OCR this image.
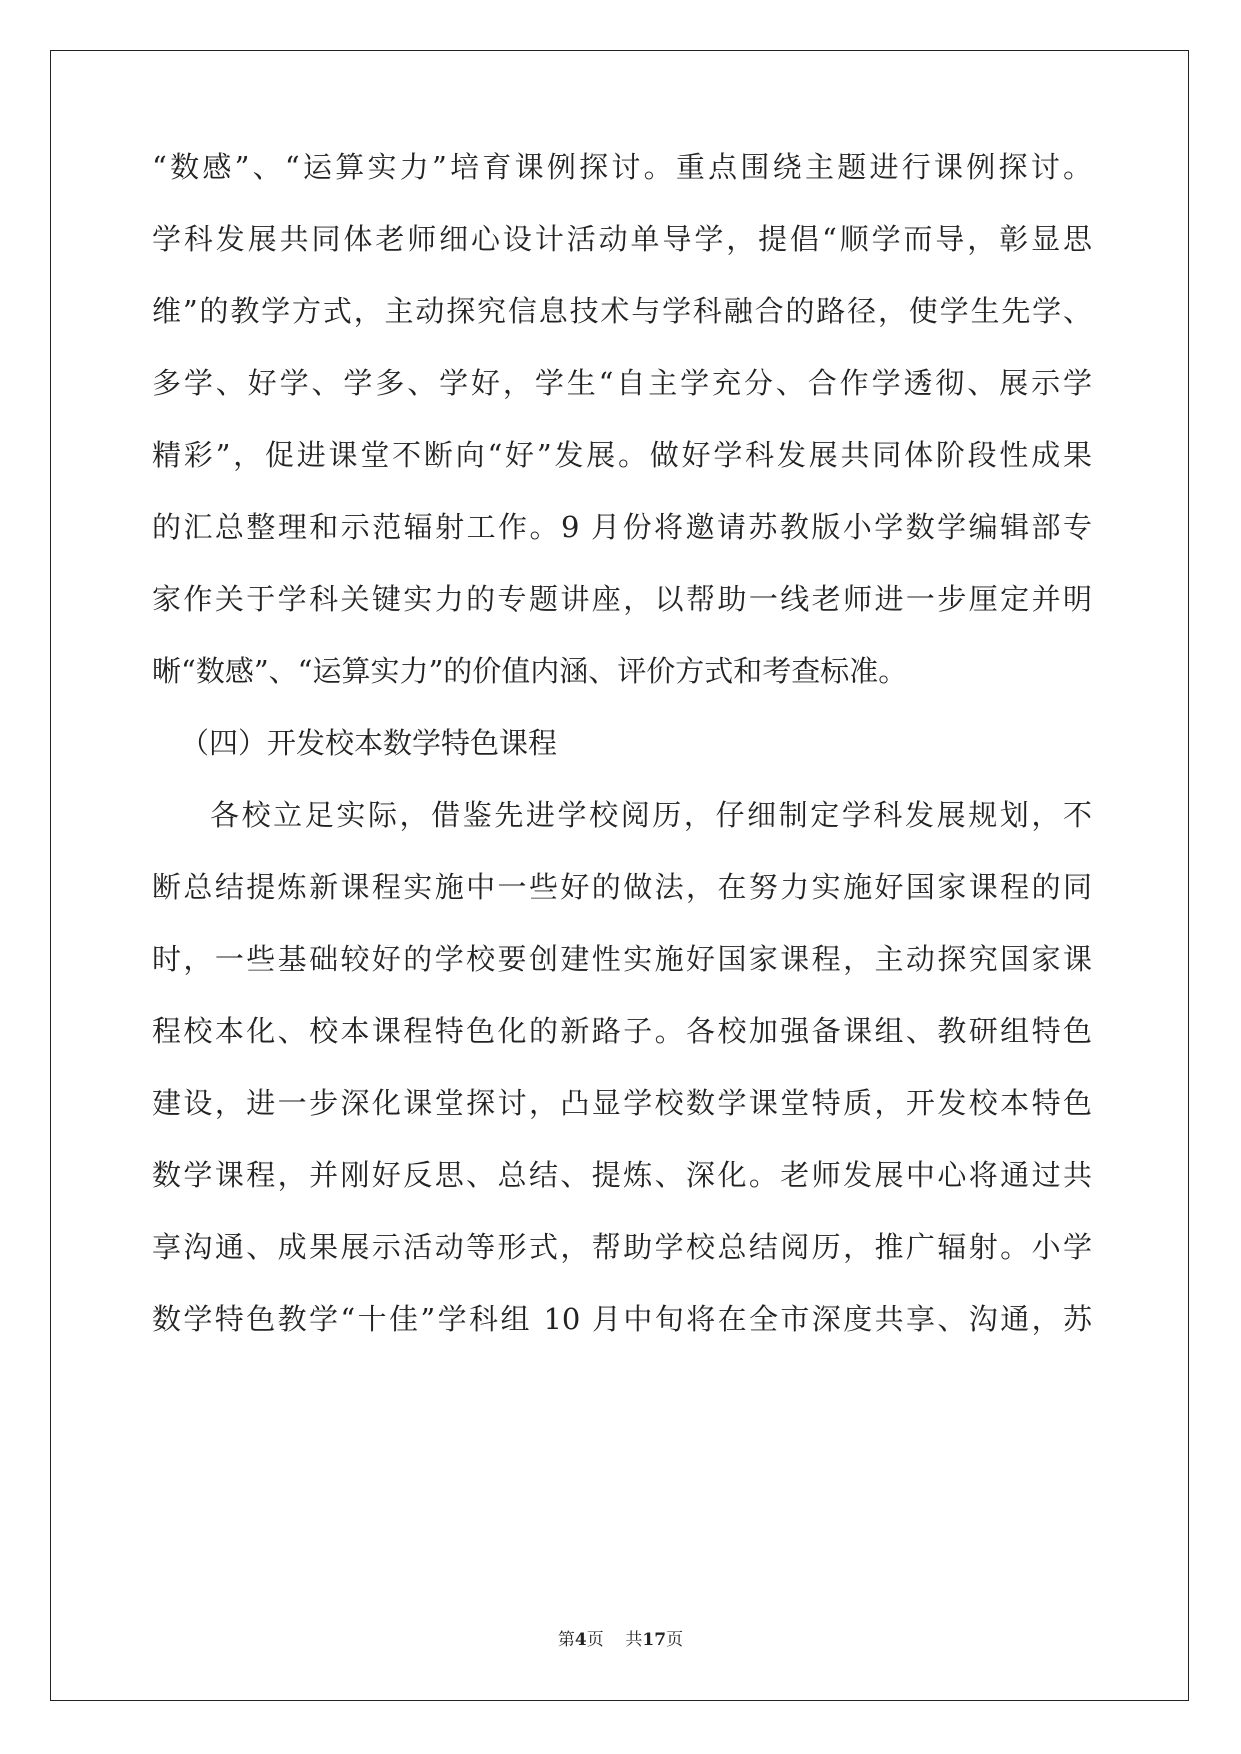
“数感”、“运算实力”培育课例探讨。重点围绕主题进行课例探讨。
学科发展共同体老师细心设计活动单导学，提倡“顺学而导，彰显思
维”的教学方式，主动探究信息技术与学科融合的路径，使学生先学、
多学、好学、学多、学好，学生“自主学充分、合作学透彻、展示学
精彩”，促进课堂不断向“好”发展。做好学科发展共同体阶段性成果
的汇总整理和示范辐射工作。9 月份将邀请苏教版小学数学编辑部专
家作关于学科关键实力的专题讲座，以帮助一线老师进一步厘定并明
晰“数感”、“运算实力”的价值内涵、评价方式和考查标准。
（四）开发校本数学特色课程
各校立足实际，借鉴先进学校阅历，仔细制定学科发展规划，不
断总结提炼新课程实施中一些好的做法，在努力实施好国家课程的同
时，一些基础较好的学校要创建性实施好国家课程，主动探究国家课
程校本化、校本课程特色化的新路子。各校加强备课组、教研组特色
建设，进一步深化课堂探讨，凸显学校数学课堂特质，开发校本特色
数学课程，并刚好反思、总结、提炼、深化。老师发展中心将通过共
享沟通、成果展示活动等形式，帮助学校总结阅历，推广辐射。小学
数学特色教学“十佳”学科组 10 月中旬将在全市深度共享、沟通，苏
第4页 共17页
